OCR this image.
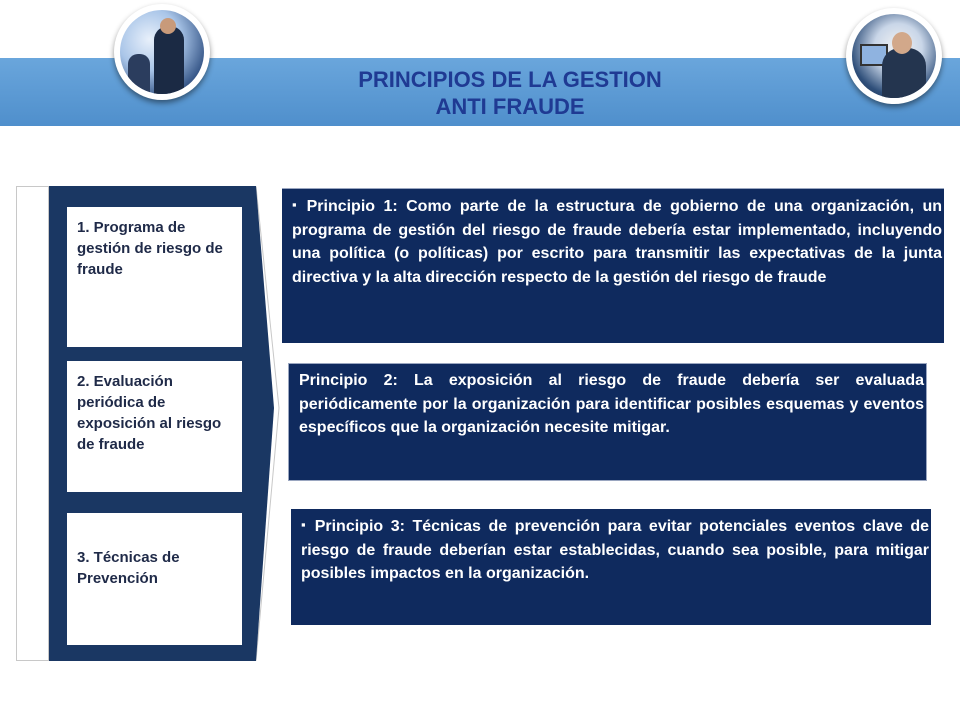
PRINCIPIOS DE LA GESTION
ANTI FRAUDE
1. Programa de gestión de riesgo de fraude
2. Evaluación periódica de exposición al riesgo de fraude
3. Técnicas de Prevención
▪ Principio 1: Como parte de la estructura de gobierno de una organización, un programa de gestión del riesgo de fraude debería estar implementado, incluyendo una política (o políticas) por escrito para transmitir las expectativas de la junta directiva y la alta dirección respecto de la gestión del riesgo de fraude
Principio 2: La exposición al riesgo de fraude debería ser evaluada periódicamente por la organización para identificar posibles esquemas y eventos específicos que la organización necesite mitigar.
▪ Principio 3: Técnicas de prevención para evitar potenciales eventos clave de riesgo de fraude deberían estar establecidas, cuando sea posible, para mitigar posibles impactos en la organización.
